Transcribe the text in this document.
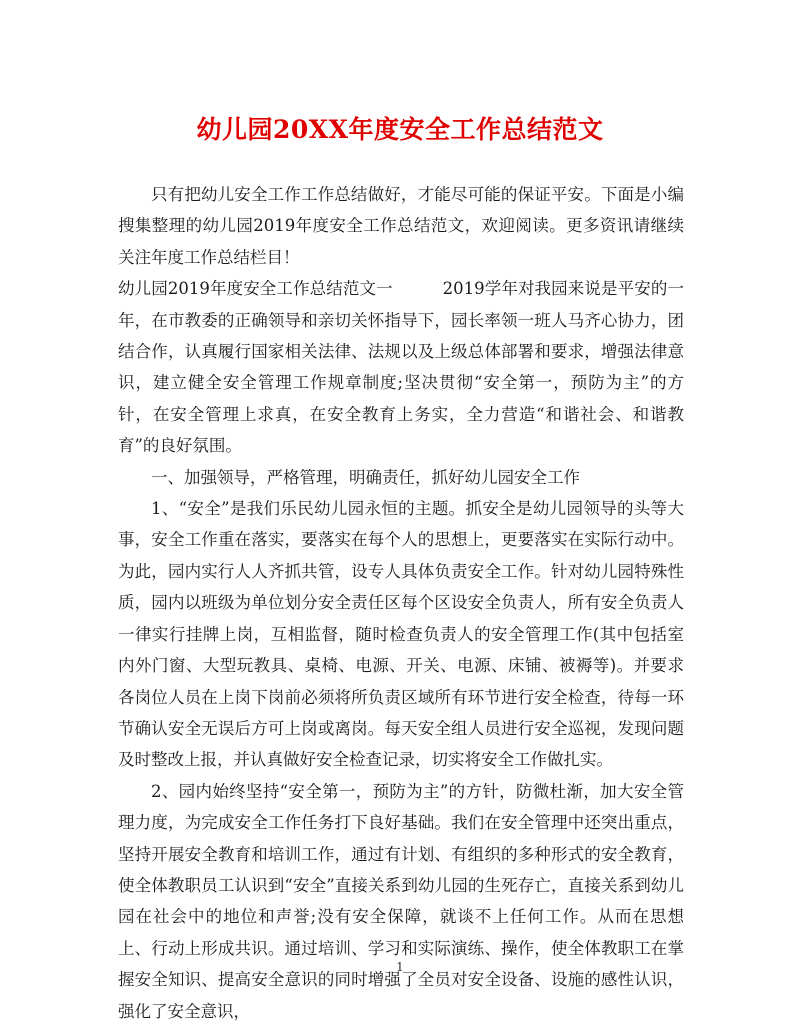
幼儿园20XX年度安全工作总结范文

只有把幼儿安全工作工作总结做好，才能尽可能的保证平安。下面是小编搜集整理的幼儿园2019年度安全工作总结范文，欢迎阅读。更多资讯请继续关注年度工作总结栏目！

幼儿园2019年度安全工作总结范文一　　　2019学年对我园来说是平安的一年，在市教委的正确领导和亲切关怀指导下，园长率领一班人马齐心协力，团结合作，认真履行国家相关法律、法规以及上级总体部署和要求，增强法律意识，建立健全安全管理工作规章制度;坚决贯彻“安全第一，预防为主”的方针，在安全管理上求真，在安全教育上务实，全力营造“和谐社会、和谐教育”的良好氛围。

一、加强领导，严格管理，明确责任，抓好幼儿园安全工作

1、“安全”是我们乐民幼儿园永恒的主题。抓安全是幼儿园领导的头等大事，安全工作重在落实，要落实在每个人的思想上，更要落实在实际行动中。为此，园内实行人人齐抓共管，设专人具体负责安全工作。针对幼儿园特殊性质，园内以班级为单位划分安全责任区每个区设安全负责人，所有安全负责人一律实行挂牌上岗，互相监督，随时检查负责人的安全管理工作(其中包括室内外门窗、大型玩教具、桌椅、电源、开关、电源、床铺、被褥等)。并要求各岗位人员在上岗下岗前必须将所负责区域所有环节进行安全检查，待每一环节确认安全无误后方可上岗或离岗。每天安全组人员进行安全巡视，发现问题及时整改上报，并认真做好安全检查记录，切实将安全工作做扎实。

2、园内始终坚持“安全第一，预防为主”的方针，防微杜渐，加大安全管理力度，为完成安全工作任务打下良好基础。我们在安全管理中还突出重点，坚持开展安全教育和培训工作，通过有计划、有组织的多种形式的安全教育，使全体教职员工认识到“安全”直接关系到幼儿园的生死存亡，直接关系到幼儿园在社会中的地位和声誉;没有安全保障，就谈不上任何工作。从而在思想上、行动上形成共识。通过培训、学习和实际演练、操作，使全体教职工在掌握安全知识、提高安全意识的同时增强了全员对安全设备、设施的感性认识，强化了安全意识，

1
